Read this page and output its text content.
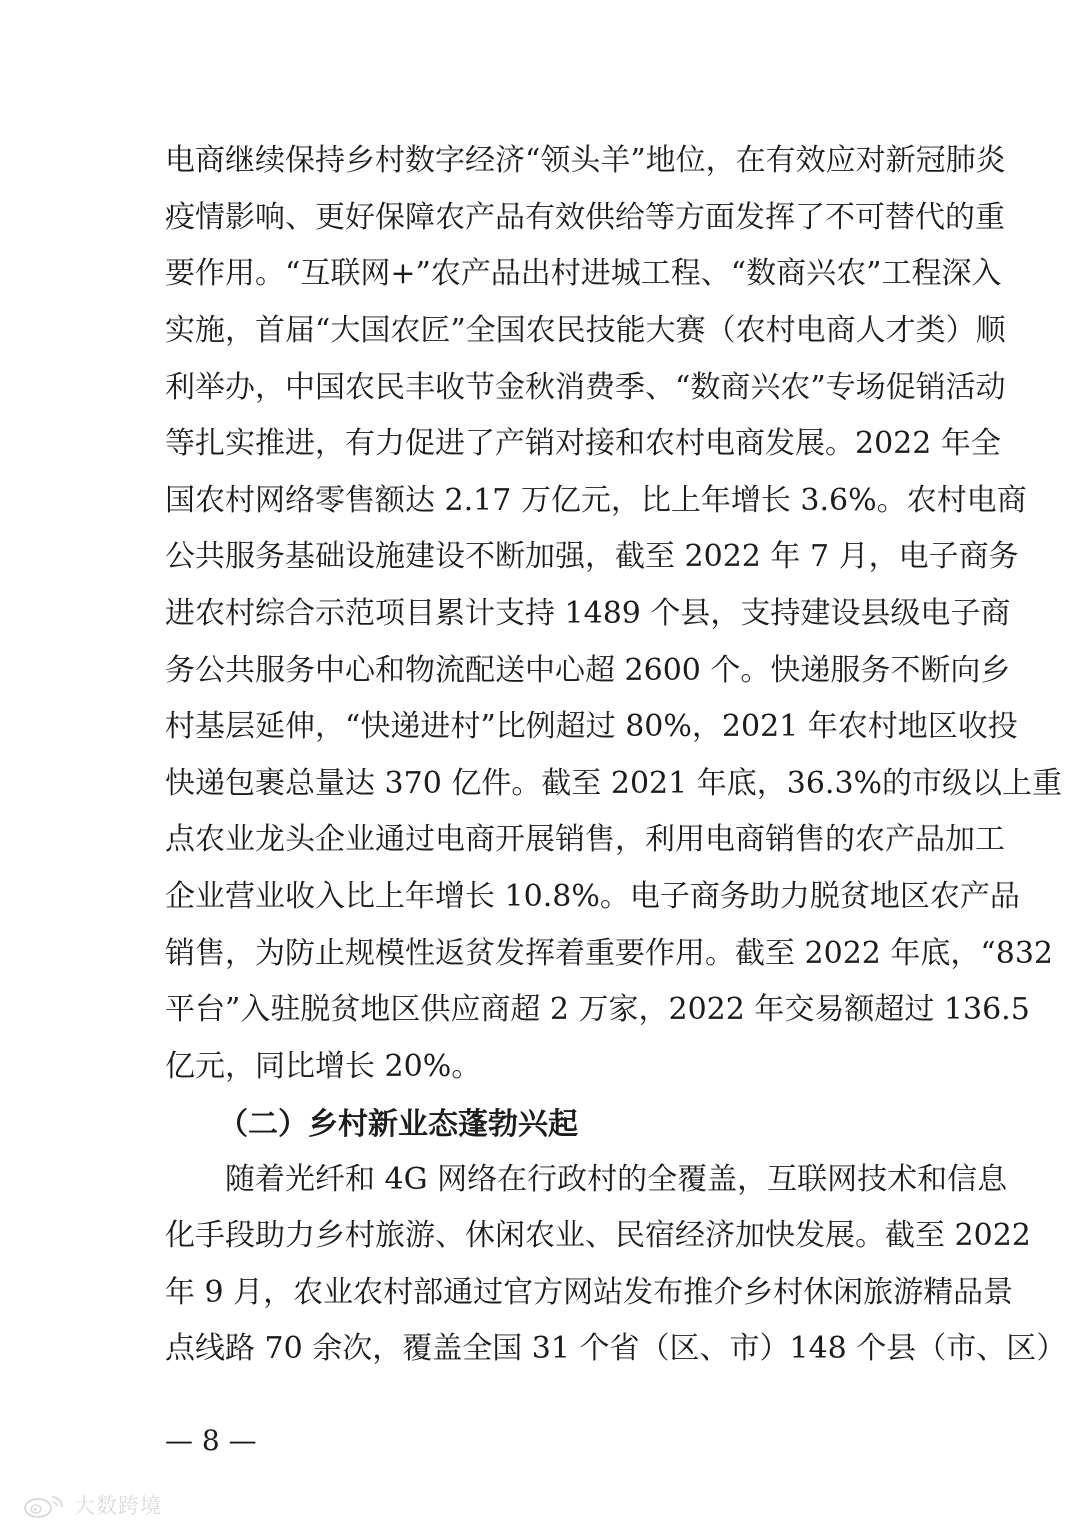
电商继续保持乡村数字经济“领头羊”地位，在有效应对新冠肺炎
疫情影响、更好保障农产品有效供给等方面发挥了不可替代的重
要作用。“互联网+”农产品出村进城工程、“数商兴农”工程深入
实施，首届“大国农匠”全国农民技能大赛（农村电商人才类）顺
利举办，中国农民丰收节金秋消费季、“数商兴农”专场促销活动
等扎实推进，有力促进了产销对接和农村电商发展。2022 年全
国农村网络零售额达 2.17 万亿元，比上年增长 3.6%。农村电商
公共服务基础设施建设不断加强，截至 2022 年 7 月，电子商务
进农村综合示范项目累计支持 1489 个县，支持建设县级电子商
务公共服务中心和物流配送中心超 2600 个。快递服务不断向乡
村基层延伸，“快递进村”比例超过 80%，2021 年农村地区收投
快递包裹总量达 370 亿件。截至 2021 年底，36.3%的市级以上重
点农业龙头企业通过电商开展销售，利用电商销售的农产品加工
企业营业收入比上年增长 10.8%。电子商务助力脱贫地区农产品
销售，为防止规模性返贫发挥着重要作用。截至 2022 年底，“832
平台”入驻脱贫地区供应商超 2 万家，2022 年交易额超过 136.5
亿元，同比增长 20%。
（二）乡村新业态蓬勃兴起
随着光纤和 4G 网络在行政村的全覆盖，互联网技术和信息
化手段助力乡村旅游、休闲农业、民宿经济加快发展。截至 2022
年 9 月，农业农村部通过官方网站发布推介乡村休闲旅游精品景
点线路 70 余次，覆盖全国 31 个省（区、市）148 个县（市、区）
— 8 —
大数跨境
